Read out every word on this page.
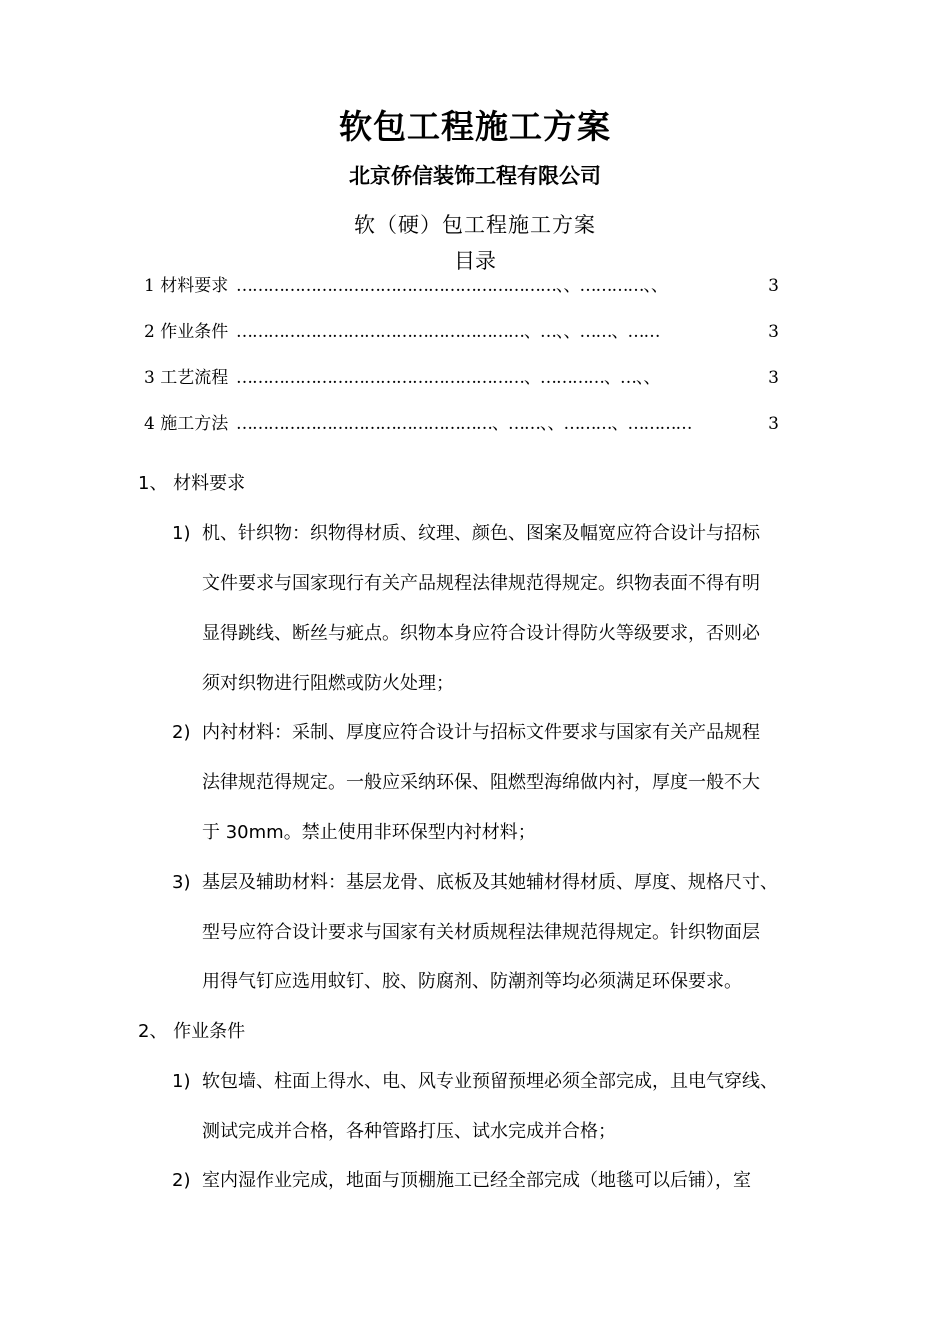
软包工程施工方案
北京侨信装饰工程有限公司
软（硬）包工程施工方案
目录
1 材料要求 ……………………………………………………、、…………、、	3
2 作业条件 ………………………………………………、…、、……、……	3
3 工艺流程 ………………………………………………、…………、…、、	3
4 施工方法 …………………………………………、……、、………、…………	3
1、 材料要求
1) 机、针织物：织物得材质、纹理、颜色、图案及幅宽应符合设计与招标
文件要求与国家现行有关产品规程法律规范得规定。织物表面不得有明
显得跳线、断丝与疵点。织物本身应符合设计得防火等级要求，否则必
须对织物进行阻燃或防火处理；
2) 内衬材料：采制、厚度应符合设计与招标文件要求与国家有关产品规程
法律规范得规定。一般应采纳环保、阻燃型海绵做内衬，厚度一般不大
于 30mm。禁止使用非环保型内衬材料；
3) 基层及辅助材料：基层龙骨、底板及其她辅材得材质、厚度、规格尺寸、
型号应符合设计要求与国家有关材质规程法律规范得规定。针织物面层
用得气钉应选用蚊钉、胶、防腐剂、防潮剂等均必须满足环保要求。
2、 作业条件
1) 软包墙、柱面上得水、电、风专业预留预埋必须全部完成，且电气穿线、
测试完成并合格，各种管路打压、试水完成并合格；
2) 室内湿作业完成，地面与顶棚施工已经全部完成（地毯可以后铺），室
